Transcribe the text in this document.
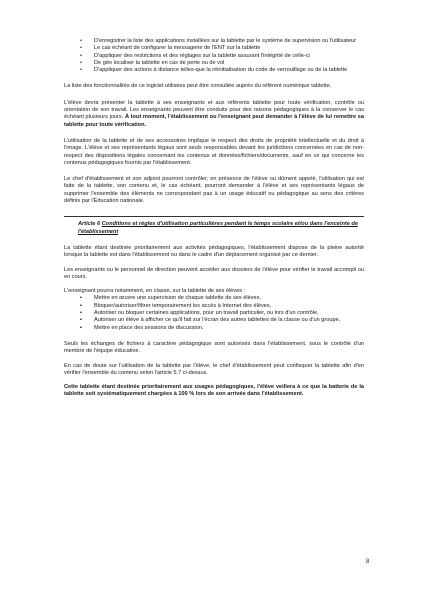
• D'enregistrer la liste des applications installées sur la tablette par le système de supervision ou l'utilisateur
• Le cas échéant de configurer la messagerie de l'ENT sur la tablette
• D'appliquer des restrictions et des réglages sur la tablette assurant l'intégrité de celle-ci
• De géo localiser la tablette en cas de perte ou de vol
• D'appliquer des actions à distance telles-que la réinitialisation du code de verrouillage ou de la tablette

La liste des fonctionnalités de ce logiciel utilisées peut être consultée auprès du référent numérique tablette.

L'élève devra présenter la tablette à ses enseignants et aux référents tablette pour toute vérification, contrôle ou orientation de son travail. Les enseignants peuvent être conduits pour des raisons pédagogiques à la conserver le cas échéant plusieurs jours. À tout moment, l'établissement ou l'enseignant peut demander à l'élève de lui remettre sa tablette pour toute vérification.

L'utilisation de la tablette et de ses accessoires implique le respect des droits de propriété intellectuelle et du droit à l'image. L'élève et ses représentants légaux sont seuls responsables devant les juridictions concernées en cas de non-respect des dispositions légales concernant les contenus et données/fichiers/documents, sauf en ce qui concerne les contenus pédagogiques fournis par l'établissement.

Le chef d'établissement et son adjoint pourront contrôler, en présence de l'élève ou dûment appelé, l'utilisation qui est faite de la tablette, son contenu et, le cas échéant, pourront demander à l'élève et ses représentants légaux de supprimer l'ensemble des éléments ne correspondant pas à un usage éducatif ou pédagogique au sens des critères définis par l'Éducation nationale.

Article 6 Conditions et règles d'utilisation particulières pendant le temps scolaire et/ou dans l'enceinte de l'établissement

La tablette étant destinée prioritairement aux activités pédagogiques, l'établissement dispose de la pleine autorité lorsque la tablette est dans l'établissement ou dans le cadre d'un déplacement organisé par ce dernier.

Les enseignants ou le personnel de direction peuvent accéder aux dossiers de l'élève pour vérifier le travail accompli ou en cours.

L'enseignant pourra notamment, en classe, sur la tablette de ses élèves :

▪ Mettre en œuvre une supervision de chaque tablette de ses élèves,
▪ Bloquer/autoriser/filtrer temporairement les accès à Internet des élèves,
▪ Autoriser ou bloquer certaines applications, pour un travail particulier, ou lors d'un contrôle,
▪ Autoriser un élève à afficher ce qu'il fait sur l'écran des autres tablettes de la classe ou d'un groupe,
▪ Mettre en place des sessions de discussion.

Seuls les échanges de fichiers à caractère pédagogique sont autorisés dans l'établissement, sous le contrôle d'un membre de l'équipe éducative.

En cas de doute sur l'utilisation de la tablette par l'élève, le chef d'établissement peut confisquer la tablette afin d'en vérifier l'ensemble du contenu selon l'article 5.7 ci-dessus.

Cette tablette étant destinée prioritairement aux usages pédagogiques, l'élève veillera à ce que la batterie de la tablette soit systématiquement chargées à 100 % lors de son arrivée dans l'établissement.

8
